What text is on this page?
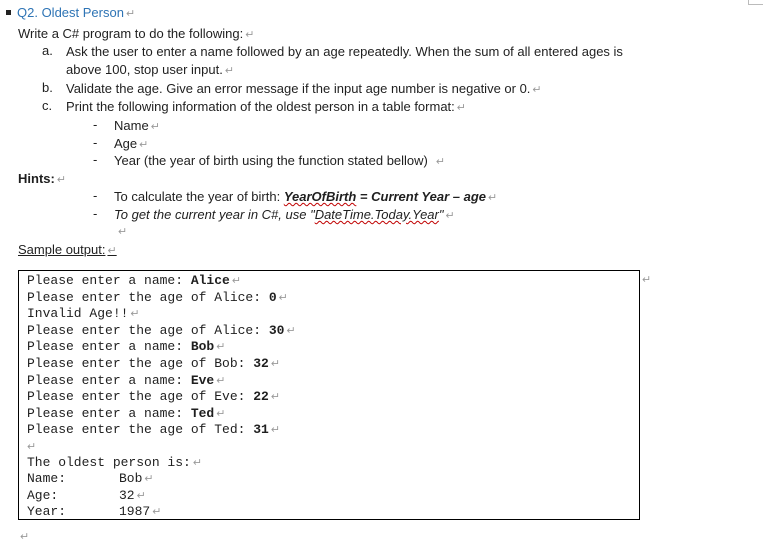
Q2. Oldest Person ↵
Write a C# program to do the following: ↵
a. Ask the user to enter a name followed by an age repeatedly. When the sum of all entered ages is
above 100, stop user input. ↵
b. Validate the age. Give an error message if the input age number is negative or 0. ↵
c. Print the following information of the oldest person in a table format: ↵
- Name ↵
- Age ↵
- Year (the year of birth using the function stated bellow) ↵
Hints: ↵
- To calculate the year of birth: YearOfBirth = Current Year – age ↵
- To get the current year in C#, use "DateTime.Today.Year" ↵
↵
Sample output: ↵
Please enter a name: Alice ↵
Please enter the age of Alice: 0 ↵
Invalid Age!! ↵
Please enter the age of Alice: 30 ↵
Please enter a name: Bob ↵
Please enter the age of Bob: 32 ↵
Please enter a name: Eve ↵
Please enter the age of Eve: 22 ↵
Please enter a name: Ted ↵
Please enter the age of Ted: 31 ↵
↵
The oldest person is: ↵
Name:	Bob ↵
Age:	32 ↵
Year:	1987 ↵
↵
↵
